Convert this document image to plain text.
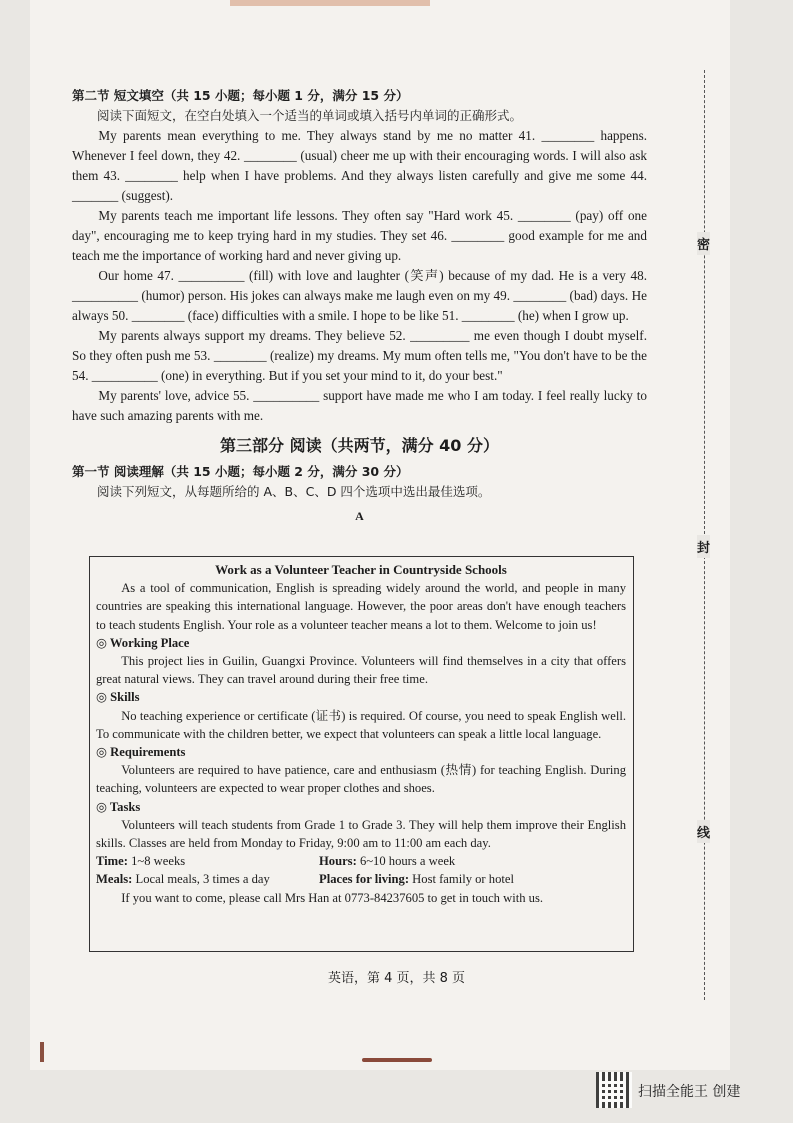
第二节 短文填空（共 15 小题；每小题 1 分，满分 15 分）

阅读下面短文，在空白处填入一个适当的单词或填入括号内单词的正确形式。

My parents mean everything to me. They always stand by me no matter 41. ________ happens. Whenever I feel down, they 42. ________ (usual) cheer me up with their encouraging words. I will also ask them 43. ________ help when I have problems. And they always listen carefully and give me some 44. _______ (suggest).

My parents teach me important life lessons. They often say "Hard work 45. ________ (pay) off one day", encouraging me to keep trying hard in my studies. They set 46. ________ good example for me and teach me the importance of working hard and never giving up.

Our home 47. __________ (fill) with love and laughter (笑声) because of my dad. He is a very 48. __________ (humor) person. His jokes can always make me laugh even on my 49. ________ (bad) days. He always 50. ________ (face) difficulties with a smile. I hope to be like 51. ________ (he) when I grow up.

My parents always support my dreams. They believe 52. _________ me even though I doubt myself. So they often push me 53. ________ (realize) my dreams. My mum often tells me, "You don't have to be the 54. __________ (one) in everything. But if you set your mind to it, do your best."

My parents' love, advice 55. __________ support have made me who I am today. I feel really lucky to have such amazing parents with me.

第三部分 阅读（共两节，满分 40 分）

第一节 阅读理解（共 15 小题；每小题 2 分，满分 30 分）

阅读下列短文，从每题所给的 A、B、C、D 四个选项中选出最佳选项。

A

Work as a Volunteer Teacher in Countryside Schools

As a tool of communication, English is spreading widely around the world, and people in many countries are speaking this international language. However, the poor areas don't have enough teachers to teach students English. Your role as a volunteer teacher means a lot to them. Welcome to join us!

◎ Working Place

This project lies in Guilin, Guangxi Province. Volunteers will find themselves in a city that offers great natural views. They can travel around during their free time.

◎ Skills

No teaching experience or certificate (证书) is required. Of course, you need to speak English well. To communicate with the children better, we expect that volunteers can speak a little local language.

◎ Requirements

Volunteers are required to have patience, care and enthusiasm (热情) for teaching English. During teaching, volunteers are expected to wear proper clothes and shoes.

◎ Tasks

Volunteers will teach students from Grade 1 to Grade 3. They will help them improve their English skills. Classes are held from Monday to Friday, 9:00 am to 11:00 am each day.

Time: 1~8 weeks	Hours: 6~10 hours a week
Meals: Local meals, 3 times a day	Places for living: Host family or hotel

If you want to come, please call Mrs Han at 0773-84237605 to get in touch with us.

英语，第 4 页，共 8 页
密
封
线
扫描全能王 创建
